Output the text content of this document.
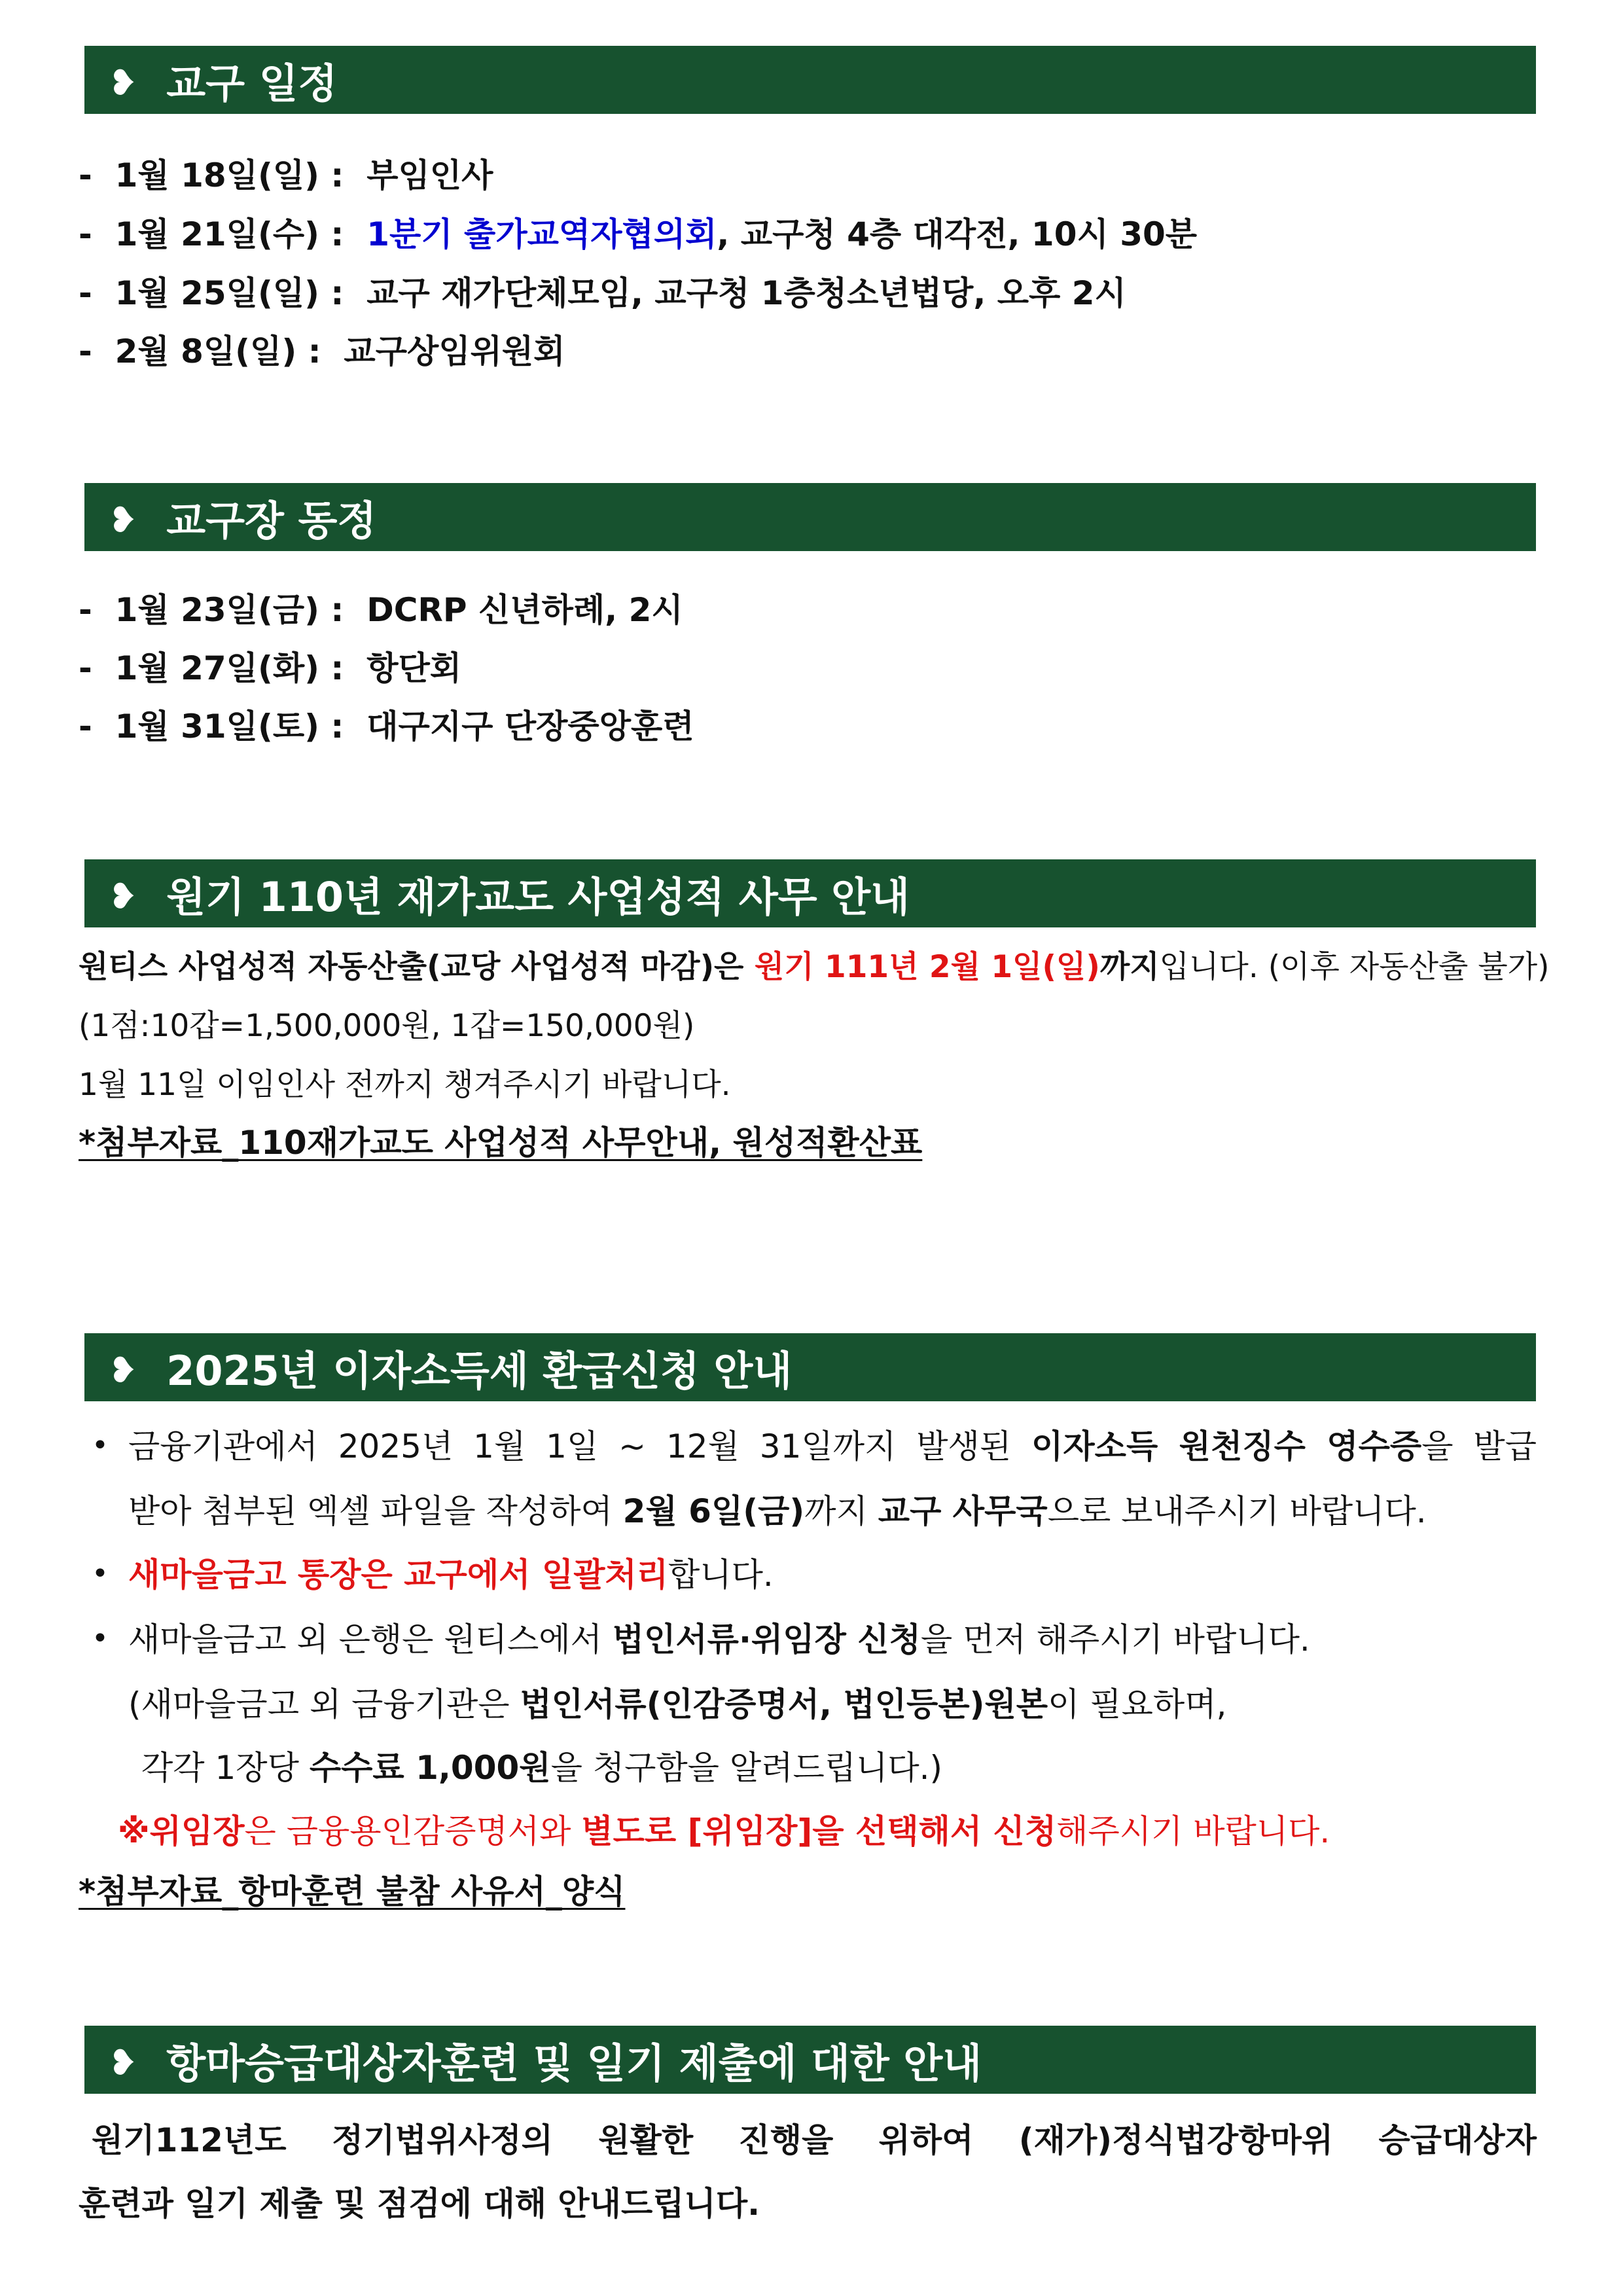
❥ 교구 일정
- 1월 18일(일) : 부임인사
- 1월 21일(수) : 1분기 출가교역자협의회, 교구청 4층 대각전, 10시 30분
- 1월 25일(일) : 교구 재가단체모임, 교구청 1층청소년법당, 오후 2시
- 2월 8일(일) : 교구상임위원회
❥ 교구장 동정
- 1월 23일(금) : DCRP 신년하례, 2시
- 1월 27일(화) : 항단회
- 1월 31일(토) : 대구지구 단장중앙훈련
❥ 원기 110년 재가교도 사업성적 사무 안내
원티스 사업성적 자동산출(교당 사업성적 마감)은 원기 111년 2월 1일(일)까지입니다. (이후 자동산출 불가)
(1점:10갑=1,500,000원, 1갑=150,000원)
1월 11일 이임인사 전까지 챙겨주시기 바랍니다.
*첨부자료_110재가교도 사업성적 사무안내, 원성적환산표
❥ 2025년 이자소득세 환급신청 안내
• 금융기관에서 2025년 1월 1일 ~ 12월 31일까지 발생된 이자소득 원천징수 영수증을 발급
받아 첨부된 엑셀 파일을 작성하여 2월 6일(금)까지 교구 사무국으로 보내주시기 바랍니다.
• 새마을금고 통장은 교구에서 일괄처리합니다.
• 새마을금고 외 은행은 원티스에서 법인서류·위임장 신청을 먼저 해주시기 바랍니다.
(새마을금고 외 금융기관은 법인서류(인감증명서, 법인등본)원본이 필요하며,
각각 1장당 수수료 1,000원을 청구함을 알려드립니다.)
※위임장은 금융용인감증명서와 별도로 [위임장]을 선택해서 신청해주시기 바랍니다.
*첨부자료_항마훈련 불참 사유서_양식
❥ 항마승급대상자훈련 및 일기 제출에 대한 안내
원기112년도 정기법위사정의 원활한 진행을 위하여 (재가)정식법강항마위 승급대상자
훈련과 일기 제출 및 점검에 대해 안내드립니다.
